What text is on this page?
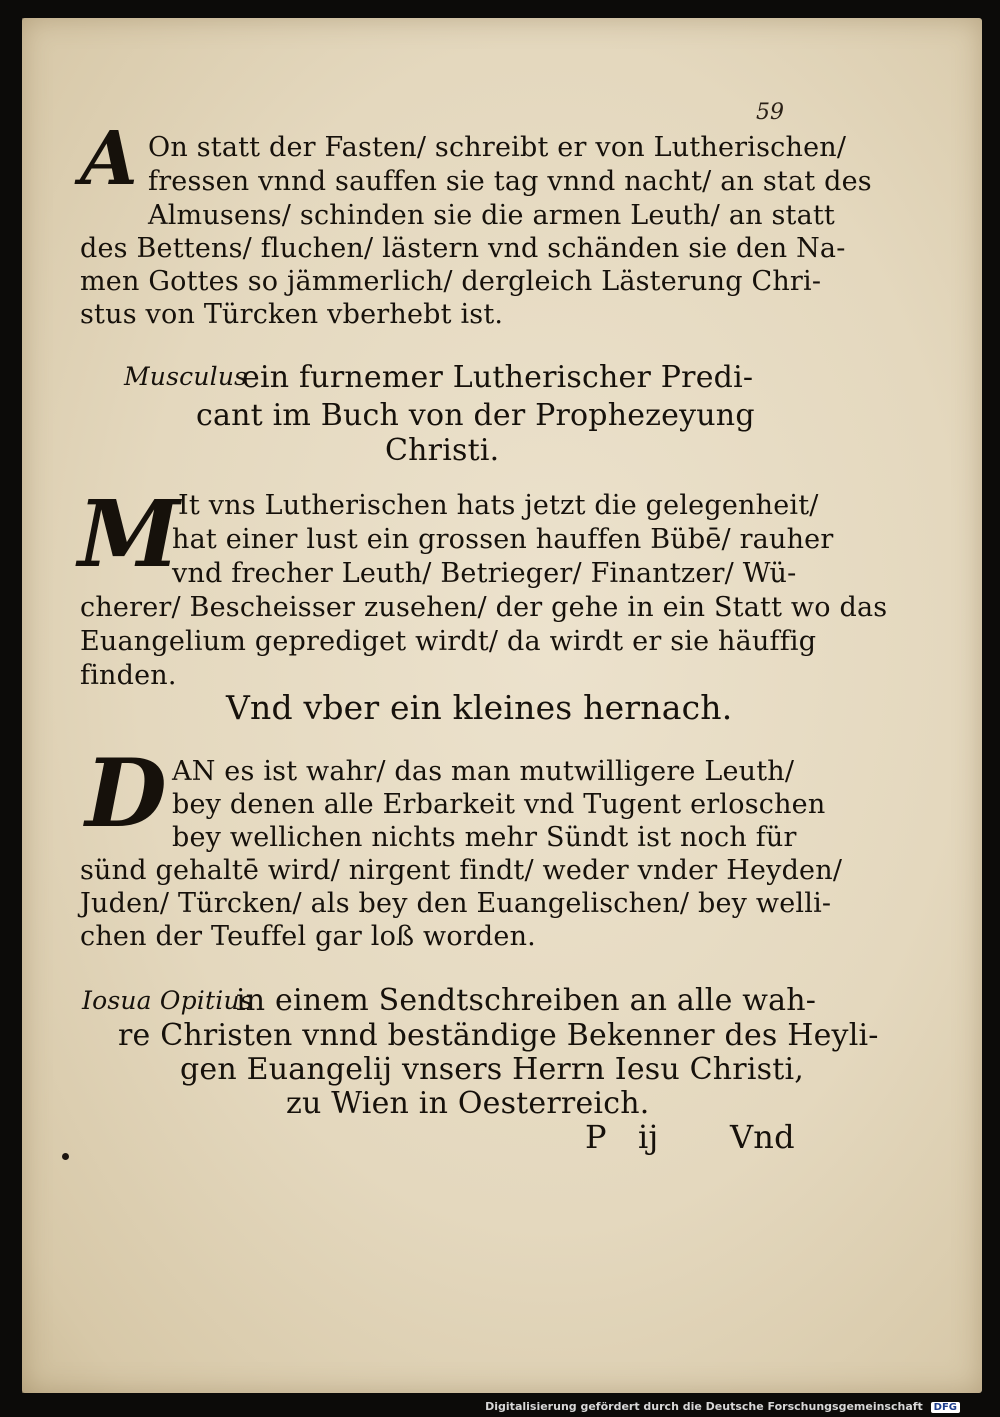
59
A On statt der Fasten/ schreibt er von Lutherischen/
fressen vnnd sauffen sie tag vnnd nacht/ an stat des
Almusens/ schinden sie die armen Leuth/ an statt
des Bettens/ fluchen/ lästern vnd schänden sie den Na-
men Gottes so jämmerlich/ dergleich Lästerung Chri-
stus von Türcken vberhebt ist.
Musculus
ein furnemer Lutherischer Predi-
cant im Buch von der Prophezeyung
Christi.
M
It vns Lutherischen hats jetzt die gelegenheit/
hat einer lust ein grossen hauffen Bübē/ rauher
vnd frecher Leuth/ Betrieger/ Finantzer/ Wü-
cherer/ Bescheisser zusehen/ der gehe in ein Statt wo das
Euangelium geprediget wirdt/ da wirdt er sie häuffig
finden.
Vnd vber ein kleines hernach.
D AN es ist wahr/ das man mutwilligere Leuth/
bey denen alle Erbarkeit vnd Tugent erloschen
bey wellichen nichts mehr Sündt ist noch für
sünd gehaltē wird/ nirgent findt/ weder vnder Heyden/
Juden/ Türcken/ als bey den Euangelischen/ bey welli-
chen der Teuffel gar loß worden.
Iosua Opitius
in einem Sendtschreiben an alle wah-
re Christen vnnd beständige Bekenner des Heyli-
gen Euangelij vnsers Herrn Iesu Christi,
zu Wien in Oesterreich.
P ij Vnd
Digitalisierung gefördert durch die Deutsche Forschungsgemeinschaft DFG
